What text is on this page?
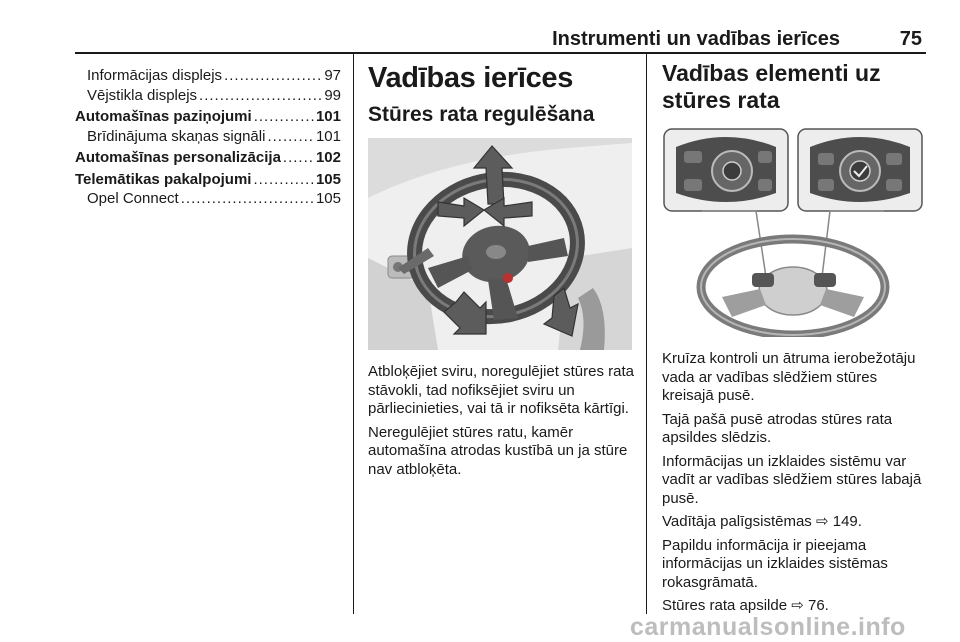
Instrumenti un vadības ierīces	75
Informācijas displejs .....	97
Vējstikla displejs .....	99
Automašīnas paziņojumi .....	101
Brīdinājuma skaņas signāli .....	101
Automašīnas personalizācija ..... 102
Telemātikas pakalpojumi .....	105
Opel Connect .....	105
Vadības ierīces
Stūres rata regulēšana

Atbloķējiet sviru, noregulējiet stūres rata stāvokli, tad nofiksējiet sviru un pārliecinieties, vai tā ir nofiksēta kārtīgi.

Neregulējiet stūres ratu, kamēr automašīna atrodas kustībā un ja stūre nav atbloķēta.

Vadības elementi uz stūres rata

Kruīza kontroli un ātruma ierobežotāju vada ar vadības slēdžiem stūres kreisajā pusē.

Tajā pašā pusē atrodas stūres rata apsildes slēdzis.

Informācijas un izklaides sistēmu var vadīt ar vadības slēdžiem stūres labajā pusē.

Vadītāja palīgsistēmas ⇨ 149.

Papildu informācija ir pieejama informācijas un izklaides sistēmas rokasgrāmatā.

Stūres rata apsilde ⇨ 76.

carmanualsonline.info
